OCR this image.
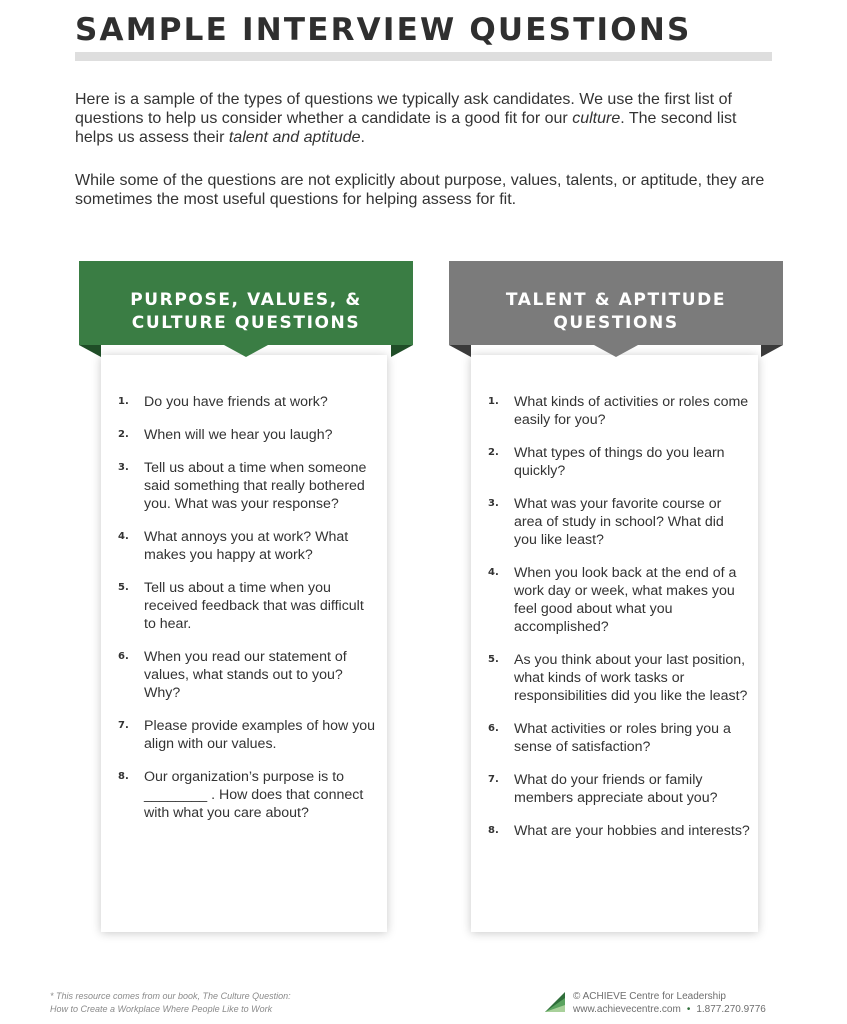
SAMPLE INTERVIEW QUESTIONS

Here is a sample of the types of questions we typically ask candidates. We use the first list of questions to help us consider whether a candidate is a good fit for our culture. The second list helps us assess their talent and aptitude.

While some of the questions are not explicitly about purpose, values, talents, or aptitude, they are sometimes the most useful questions for helping assess for fit.

PURPOSE, VALUES, &
CULTURE QUESTIONS
TALENT & APTITUDE
QUESTIONS
1. Do you have friends at work?
2. When will we hear you laugh?
3. Tell us about a time when someone said something that really bothered you. What was your response?
4. What annoys you at work? What makes you happy at work?
5. Tell us about a time when you received feedback that was difficult to hear.
6. When you read our statement of values, what stands out to you? Why?
7. Please provide examples of how you align with our values.
8. Our organization’s purpose is to ________ . How does that connect with what you care about?
1. What kinds of activities or roles come easily for you?
2. What types of things do you learn quickly?
3. What was your favorite course or area of study in school? What did you like least?
4. When you look back at the end of a work day or week, what makes you feel good about what you accomplished?
5. As you think about your last position, what kinds of work tasks or responsibilities did you like the least?
6. What activities or roles bring you a sense of satisfaction?
7. What do your friends or family members appreciate about you?
8. What are your hobbies and interests?
* This resource comes from our book, The Culture Question:
How to Create a Workplace Where People Like to Work
© ACHIEVE Centre for Leadership
www.achievecentre.com • 1.877.270.9776
